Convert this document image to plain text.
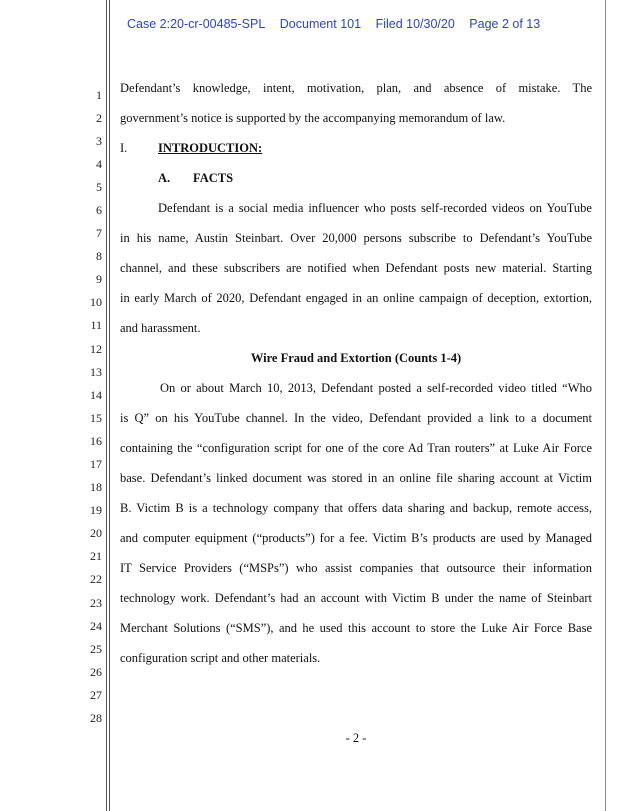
Case 2:20-cr-00485-SPL Document 101 Filed 10/30/20 Page 2 of 13
1
2
3
4
5
6
7
8
9
10
11
12
13
14
15
16
17
18
19
20
21
22
23
24
25
26
27
28
Defendant’s knowledge, intent, motivation, plan, and absence of mistake. The
government’s notice is supported by the accompanying memorandum of law.
I. INTRODUCTION:
A. FACTS
Defendant is a social media influencer who posts self-recorded videos on YouTube
in his name, Austin Steinbart. Over 20,000 persons subscribe to Defendant’s YouTube
channel, and these subscribers are notified when Defendant posts new material. Starting
in early March of 2020, Defendant engaged in an online campaign of deception, extortion,
and harassment.
Wire Fraud and Extortion (Counts 1-4)
On or about March 10, 2013, Defendant posted a self-recorded video titled “Who
is Q” on his YouTube channel. In the video, Defendant provided a link to a document
containing the “configuration script for one of the core Ad Tran routers” at Luke Air Force
base. Defendant’s linked document was stored in an online file sharing account at Victim
B. Victim B is a technology company that offers data sharing and backup, remote access,
and computer equipment (“products”) for a fee. Victim B’s products are used by Managed
IT Service Providers (“MSPs”) who assist companies that outsource their information
technology work. Defendant’s had an account with Victim B under the name of Steinbart
Merchant Solutions (“SMS”), and he used this account to store the Luke Air Force Base
configuration script and other materials.
- 2 -
